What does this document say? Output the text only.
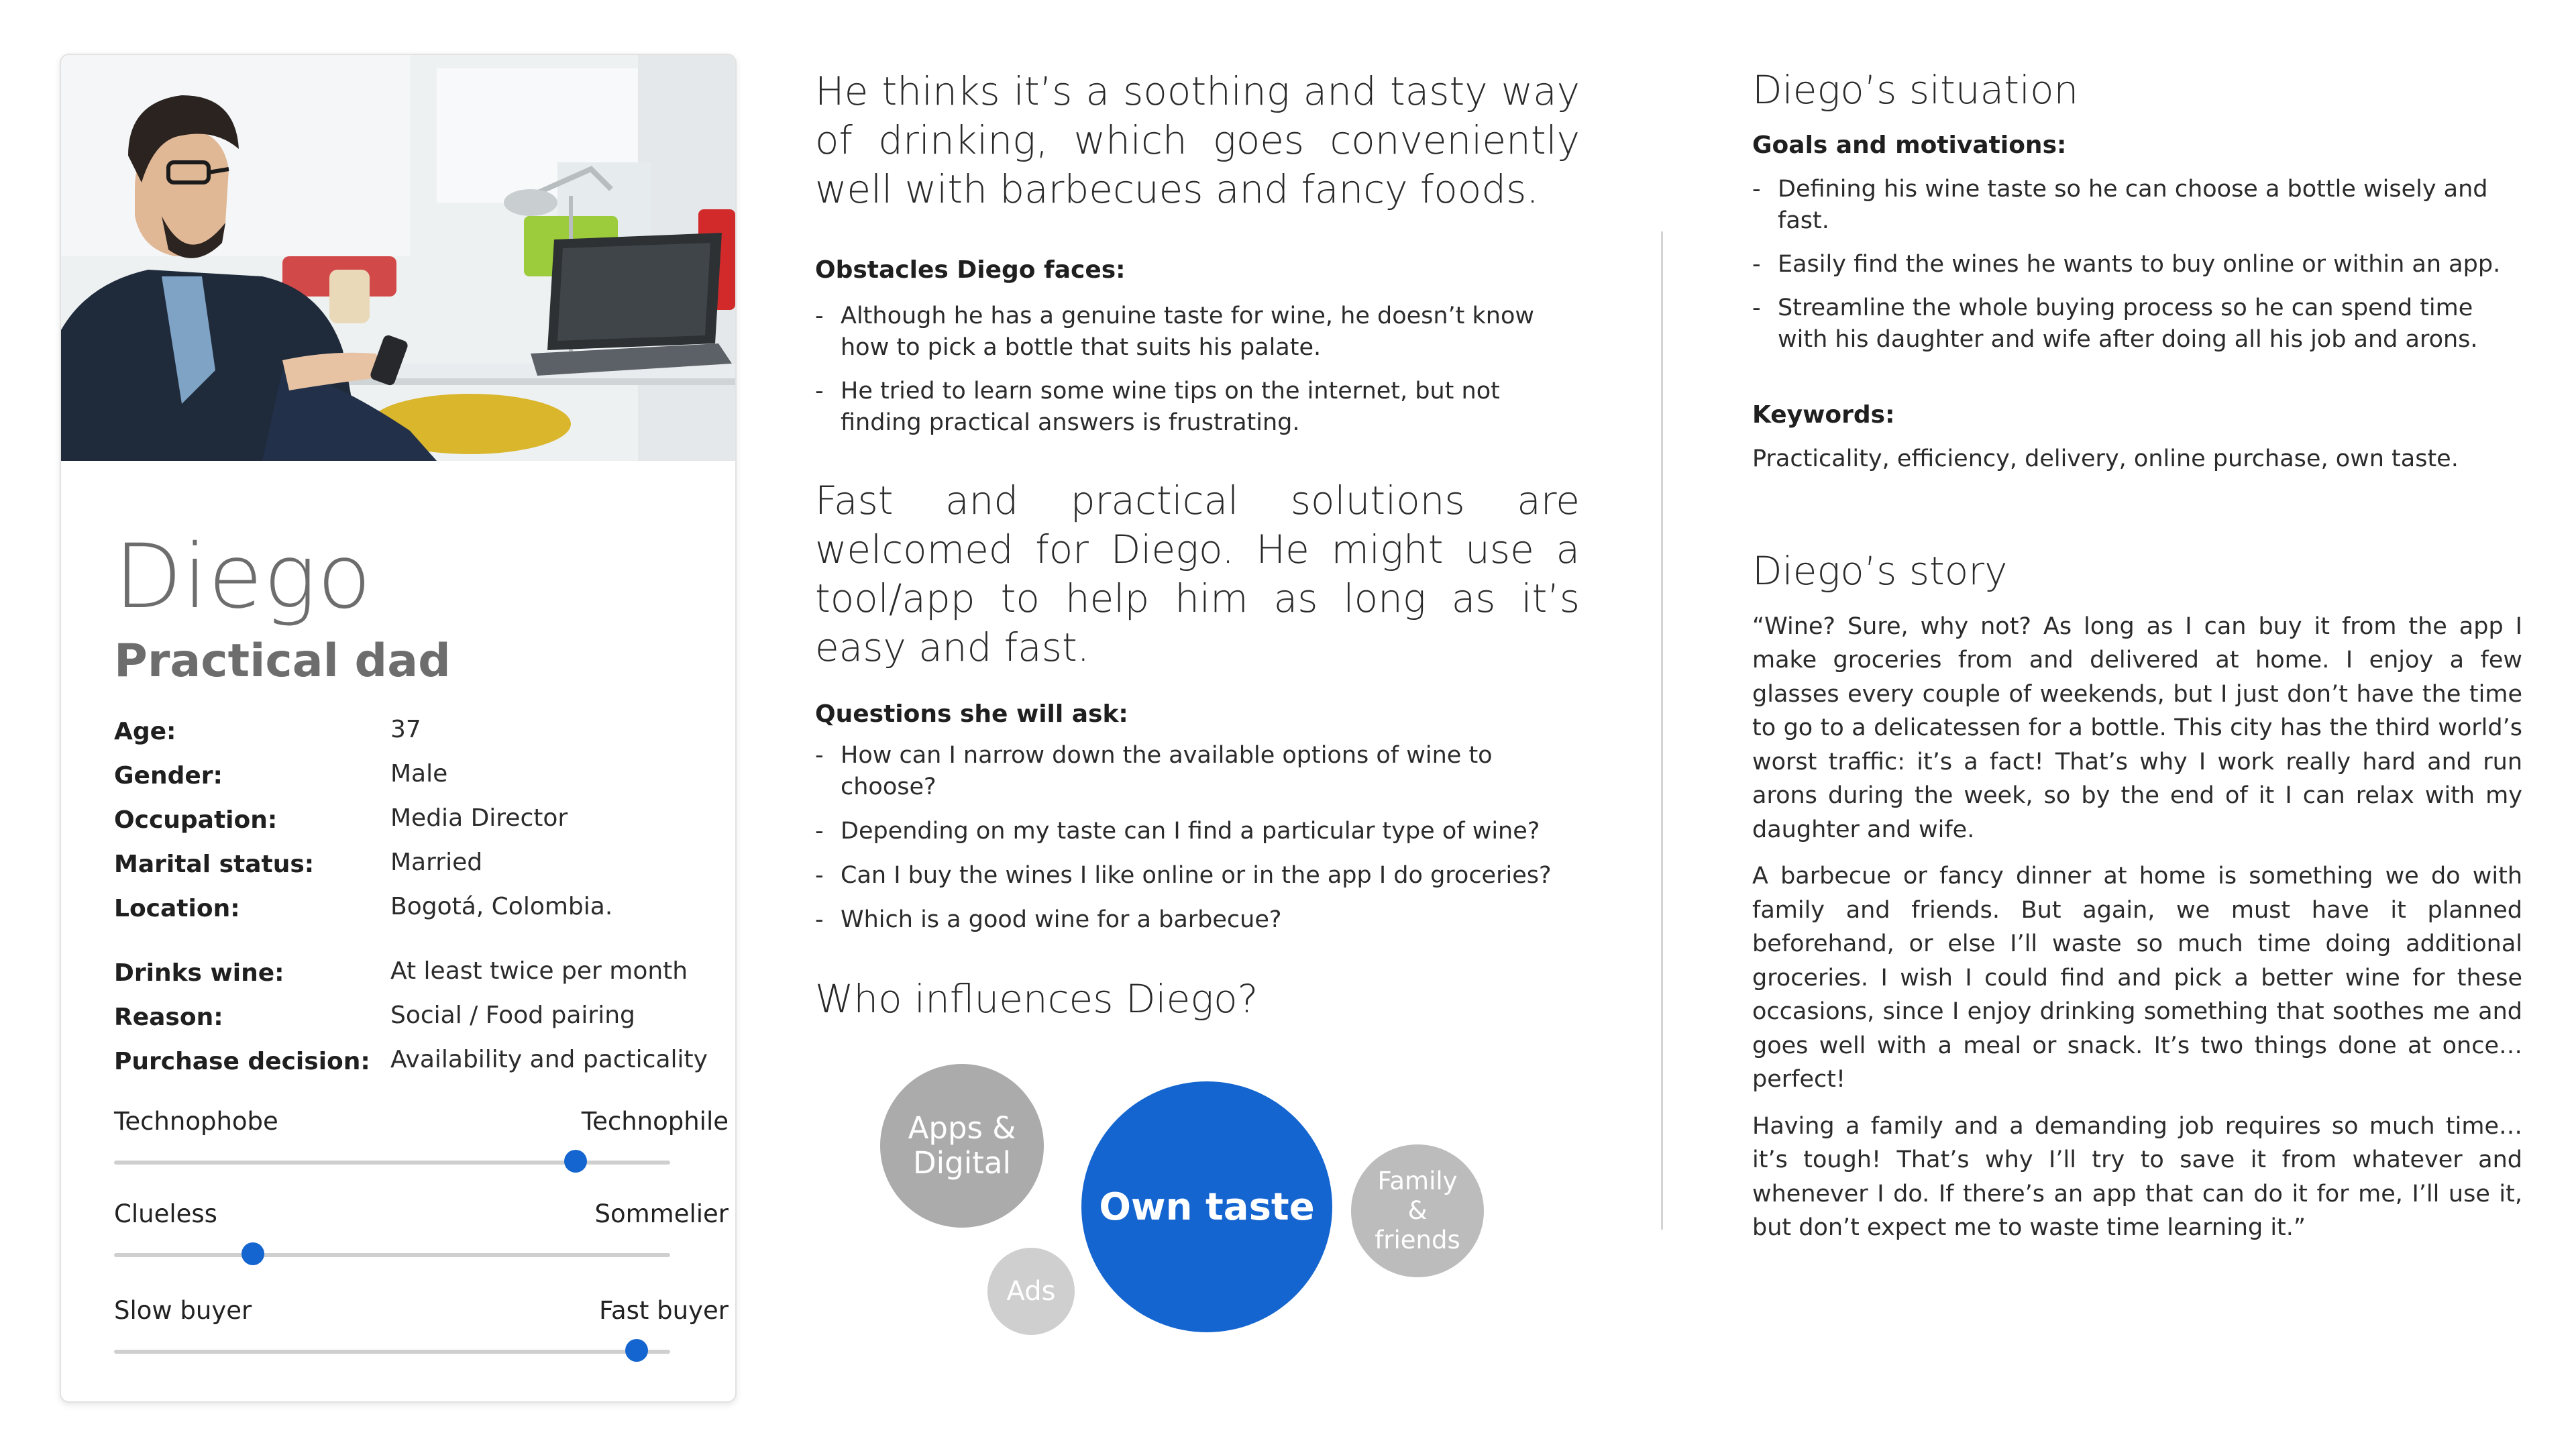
Diego
Practical dad
Age:	37
Gender:	Male
Occupation:	Media Director
Marital status:	Married
Location:	Bogotá, Colombia.
Drinks wine:	At least twice per month
Reason:	Social / Food pairing
Purchase decision: Availability and pacticality
Technophobe	Technophile
Clueless	Sommelier
Slow buyer	Fast buyer

He thinks it’s a soothing and tasty way of drinking, which goes conveniently well with barbecues and fancy foods.

Obstacles Diego faces:
- Although he has a genuine taste for wine, he doesn’t know how to pick a bottle that suits his palate.
- He tried to learn some wine tips on the internet, but not finding practical answers is frustrating.

Fast and practical solutions are welcomed for Diego. He might use a tool/app to help him as long as it’s easy and fast.

Questions she will ask:
- How can I narrow down the available options of wine to choose?
- Depending on my taste can I find a particular type of wine?
- Can I buy the wines I like online or in the app I do groceries?
- Which is a good wine for a barbecue?
Who influences Diego?
Apps & Digital
Own taste
Family & friends
Ads
Diego’s situation
Goals and motivations:
- Defining his wine taste so he can choose a bottle wisely and fast.
- Easily find the wines he wants to buy online or within an app.
- Streamline the whole buying process so he can spend time with his daughter and wife after doing all his job and arons.
Keywords:

Practicality, efficiency, delivery, online purchase, own taste.

Diego’s story

“Wine? Sure, why not? As long as I can buy it from the app I make groceries from and delivered at home. I enjoy a few glasses every couple of weekends, but I just don’t have the time to go to a delicatessen for a bottle. This city has the third world’s worst traffic: it’s a fact! That’s why I work really hard and run arons during the week, so by the end of it I can relax with my daughter and wife.

A barbecue or fancy dinner at home is something we do with family and friends. But again, we must have it planned beforehand, or else I’ll waste so much time doing additional groceries. I wish I could find and pick a better wine for these occasions, since I enjoy drinking something that soothes me and goes well with a meal or snack. It’s two things done at once… perfect!

Having a family and a demanding job requires so much time… it’s tough! That’s why I’ll try to save it from whatever and whenever I do. If there’s an app that can do it for me, I’ll use it, but don’t expect me to waste time learning it.”
